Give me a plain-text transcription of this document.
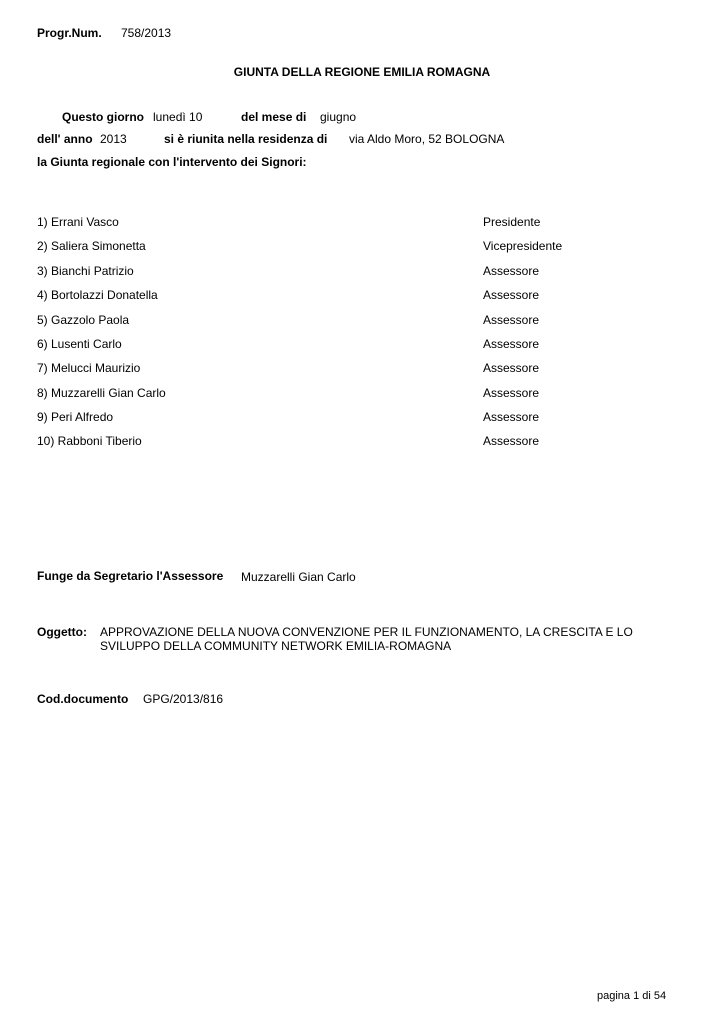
Progr.Num. 758/2013
GIUNTA DELLA REGIONE EMILIA ROMAGNA
Questo giorno lunedì 10	del mese di giugno
dell' anno 2013	si è riunita nella residenza di via Aldo Moro, 52 BOLOGNA
la Giunta regionale con l'intervento dei Signori:
1) Errani Vasco	Presidente
2) Saliera Simonetta	Vicepresidente
3) Bianchi Patrizio	Assessore
4) Bortolazzi Donatella	Assessore
5) Gazzolo Paola	Assessore
6) Lusenti Carlo	Assessore
7) Melucci Maurizio	Assessore
8) Muzzarelli Gian Carlo	Assessore
9) Peri Alfredo	Assessore
10) Rabboni Tiberio	Assessore
Funge da Segretario l'Assessore Muzzarelli Gian Carlo
Oggetto: APPROVAZIONE DELLA NUOVA CONVENZIONE PER IL FUNZIONAMENTO, LA CRESCITA E LO
SVILUPPO DELLA COMMUNITY NETWORK EMILIA-ROMAGNA
Cod.documento GPG/2013/816
pagina 1 di 54
